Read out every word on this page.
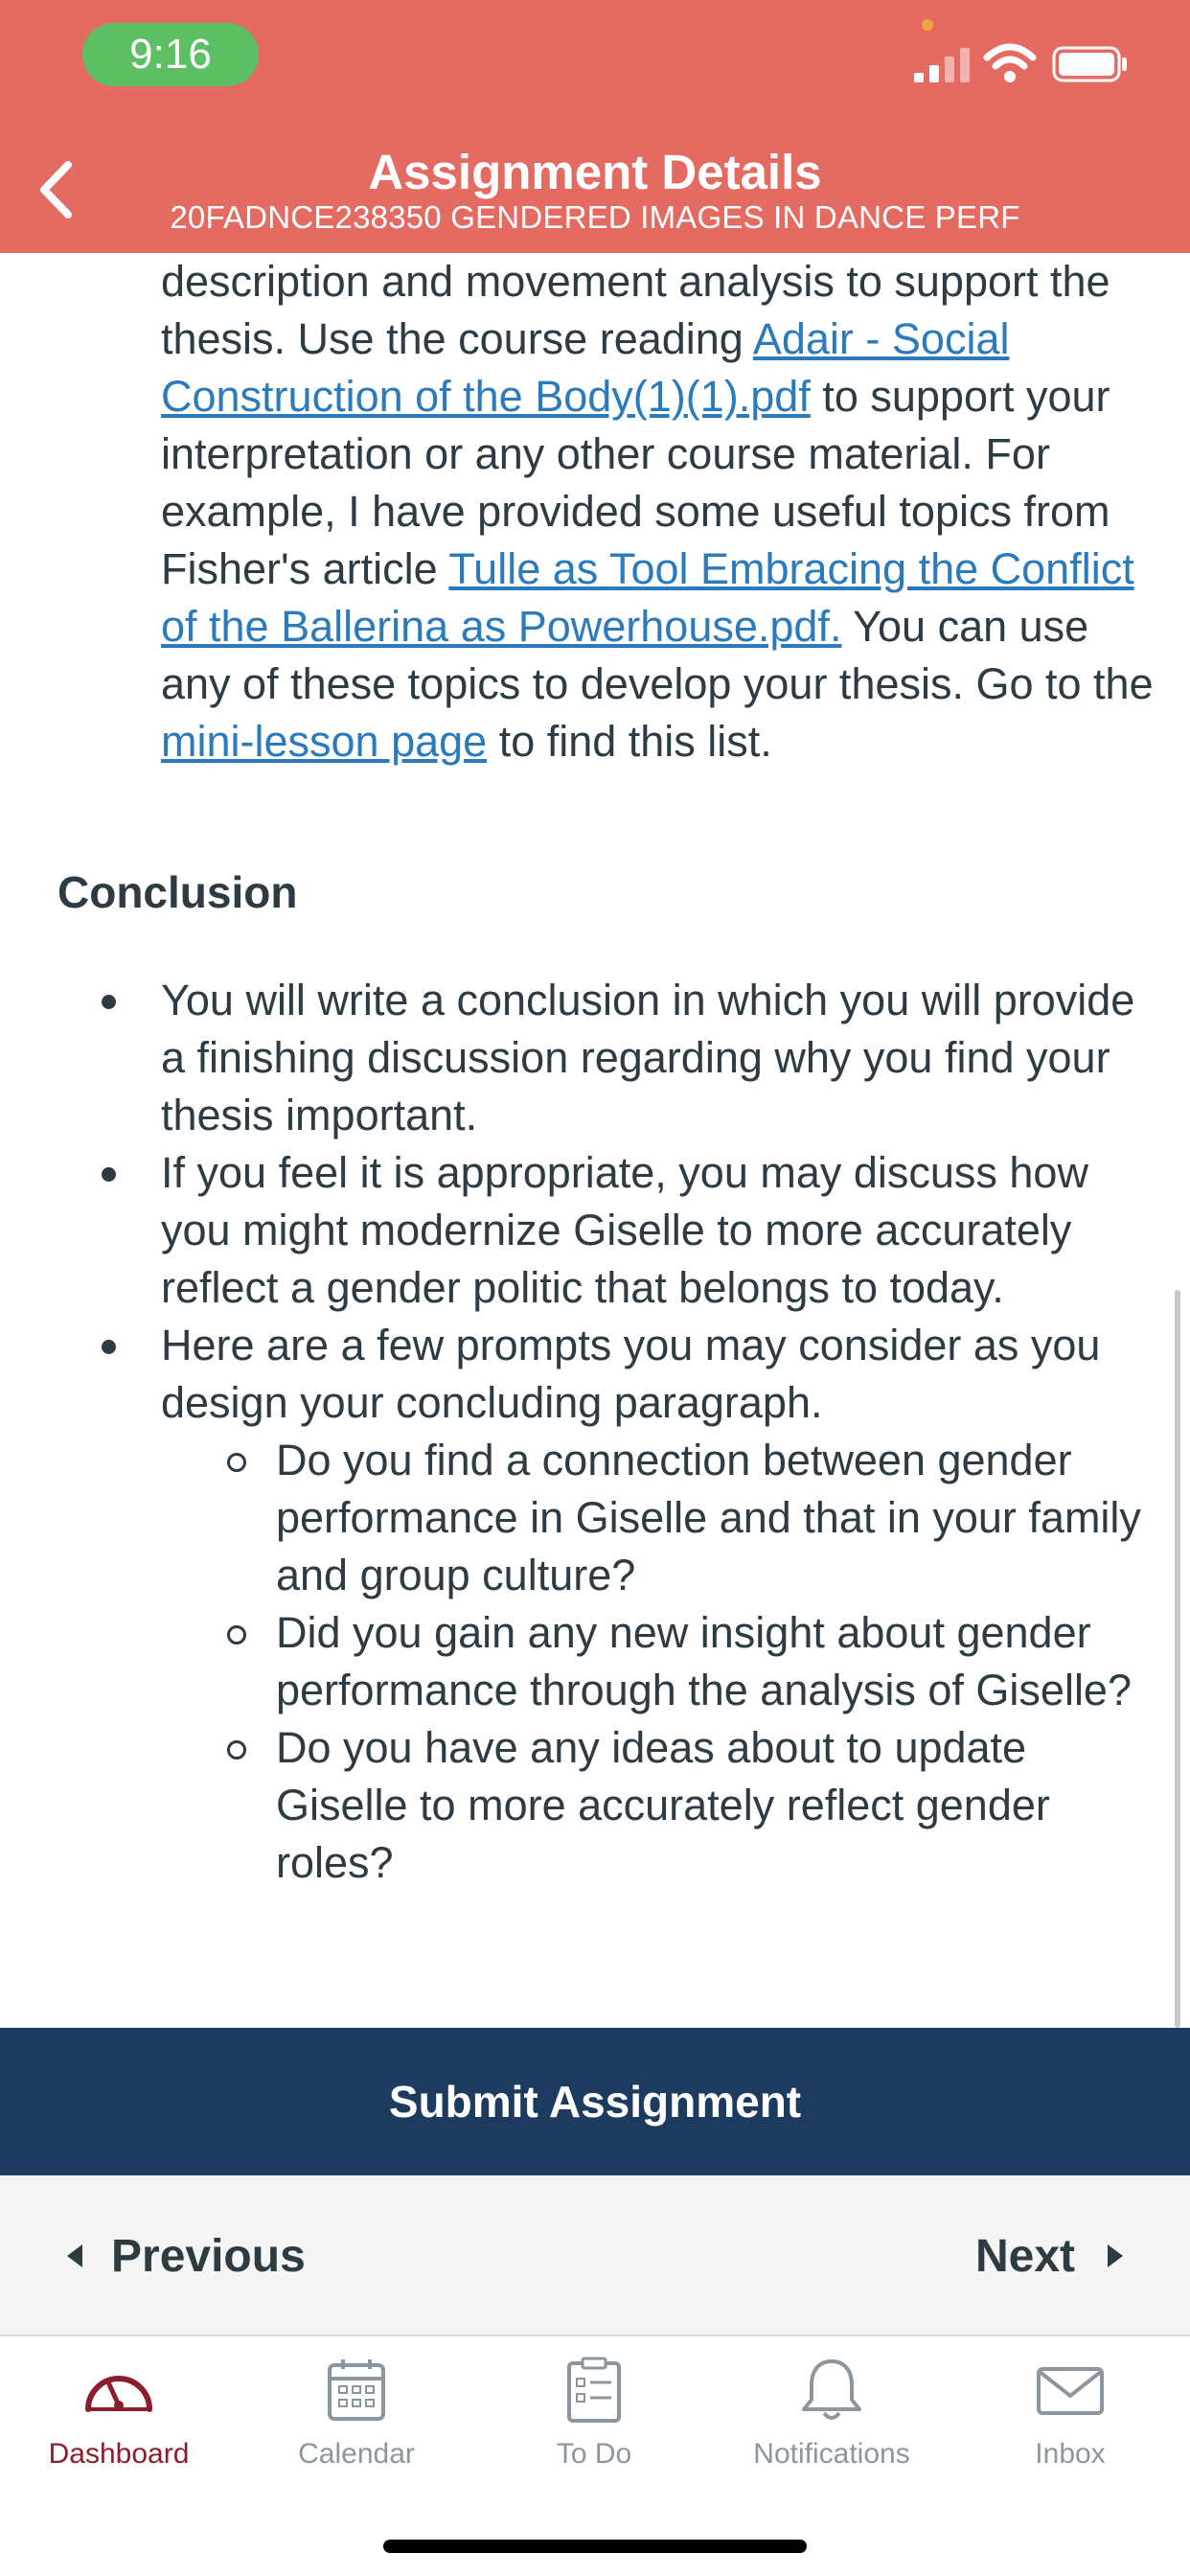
9:16
Assignment Details
20FADNCE238350 GENDERED IMAGES IN DANCE PERF

description and movement analysis to support the thesis. Use the course reading Adair - Social Construction of the Body(1)(1).pdf to support your interpretation or any other course material. For example, I have provided some useful topics from Fisher's article Tulle as Tool Embracing the Conflict of the Ballerina as Powerhouse.pdf. You can use any of these topics to develop your thesis. Go to the mini-lesson page to find this list.

Conclusion
You will write a conclusion in which you will provide a finishing discussion regarding why you find your thesis important.
If you feel it is appropriate, you may discuss how you might modernize Giselle to more accurately reflect a gender politic that belongs to today.
Here are a few prompts you may consider as you design your concluding paragraph.
Do you find a connection between gender performance in Giselle and that in your family and group culture?
Did you gain any new insight about gender performance through the analysis of Giselle?
Do you have any ideas about to update Giselle to more accurately reflect gender roles?
Submit Assignment
Previous	Next
Dashboard	Calendar	To Do	Notifications	Inbox
